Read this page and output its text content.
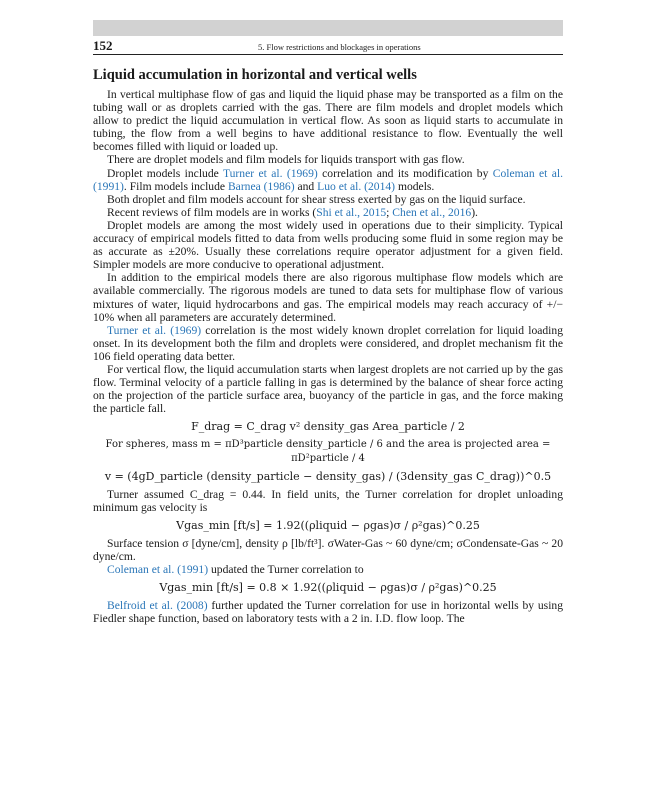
152	5. Flow restrictions and blockages in operations
Liquid accumulation in horizontal and vertical wells

In vertical multiphase flow of gas and liquid the liquid phase may be transported as a film on the tubing wall or as droplets carried with the gas. There are film models and droplet models which allow to predict the liquid accumulation in vertical flow. As soon as liquid starts to accumulate in tubing, the flow from a well begins to have additional resistance to flow. Eventually the well becomes filled with liquid or loaded up.

There are droplet models and film models for liquids transport with gas flow.

Droplet models include Turner et al. (1969) correlation and its modification by Coleman et al. (1991). Film models include Barnea (1986) and Luo et al. (2014) models.

Both droplet and film models account for shear stress exerted by gas on the liquid surface.

Recent reviews of film models are in works (Shi et al., 2015; Chen et al., 2016).

Droplet models are among the most widely used in operations due to their simplicity. Typical accuracy of empirical models fitted to data from wells producing some fluid in some region may be as accurate as ±20%. Usually these correlations require operator adjustment for a given field. Simpler models are more conducive to operational adjustment.

In addition to the empirical models there are also rigorous multiphase flow models which are available commercially. The rigorous models are tuned to data sets for multiphase flow of various mixtures of water, liquid hydrocarbons and gas. The empirical models may reach accuracy of +/− 10% when all parameters are accurately determined.

Turner et al. (1969) correlation is the most widely known droplet correlation for liquid loading onset. In its development both the film and droplets were considered, and droplet mechanism fit the 106 field operating data better.

For vertical flow, the liquid accumulation starts when largest droplets are not carried up by the gas flow. Terminal velocity of a particle falling in gas is determined by the balance of shear force acting on the projection of the particle surface area, buoyancy of the particle in gas, and the force making the particle fall.

F_drag = C_drag v² density_gas Area_particle / 2
For spheres, mass m = πD³particle density_particle / 6 and the area is projected area = πD²particle / 4
v = (4gD_particle (density_particle − density_gas) / (3density_gas C_drag))^0.5

Turner assumed C_drag = 0.44. In field units, the Turner correlation for droplet unloading minimum gas velocity is

Vgas_min [ft/s] = 1.92((ρliquid − ρgas)σ / ρ²gas)^0.25

Surface tension σ [dyne/cm], density ρ [lb/ft³]. σWater-Gas ~ 60 dyne/cm; σCondensate-Gas ~ 20 dyne/cm.

Coleman et al. (1991) updated the Turner correlation to

Vgas_min [ft/s] = 0.8 × 1.92((ρliquid − ρgas)σ / ρ²gas)^0.25

Belfroid et al. (2008) further updated the Turner correlation for use in horizontal wells by using Fiedler shape function, based on laboratory tests with a 2 in. I.D. flow loop. The
